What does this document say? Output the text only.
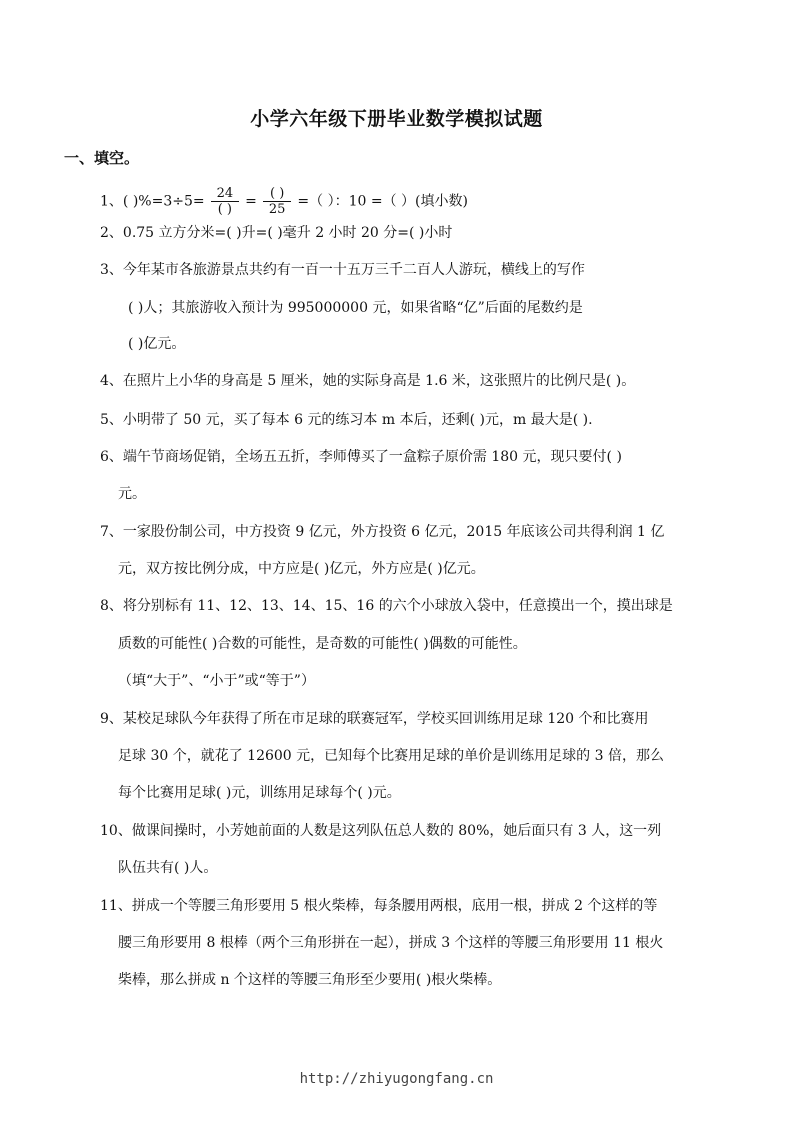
小学六年级下册毕业数学模拟试题
一、填空。
1、( )$\%=3\div 5= \frac{24}{( )} = \frac{( )}{25}$ =（ ）：10 =（ ）(填小数)
2、0.75 立方分米=( )升=( )毫升 2 小时 20 分=( )小时
3、今年某市各旅游景点共约有一百一十五万三千二百人人游玩，横线上的写作
( )人；其旅游收入预计为 995000000 元，如果省略“亿”后面的尾数约是
( )亿元。
4、在照片上小华的身高是 5 厘米，她的实际身高是 1.6 米，这张照片的比例尺是( )。
5、小明带了 50 元，买了每本 6 元的练习本 m 本后，还剩( )元，m 最大是( ).
6、端午节商场促销，全场五五折，李师傅买了一盒粽子原价需 180 元，现只要付( )
元。
7、一家股份制公司，中方投资 9 亿元，外方投资 6 亿元，2015 年底该公司共得利润 1 亿
元，双方按比例分成，中方应是( )亿元，外方应是( )亿元。
8、将分别标有 11、12、13、14、15、16 的六个小球放入袋中，任意摸出一个，摸出球是
质数的可能性( )合数的可能性，是奇数的可能性( )偶数的可能性。
（填“大于”、“小于”或“等于”）
9、某校足球队今年获得了所在市足球的联赛冠军，学校买回训练用足球 120 个和比赛用
足球 30 个，就花了 12600 元，已知每个比赛用足球的单价是训练用足球的 3 倍，那么
每个比赛用足球( )元，训练用足球每个( )元。
10、做课间操时，小芳她前面的人数是这列队伍总人数的 80%，她后面只有 3 人，这一列
队伍共有( )人。
11、拼成一个等腰三角形要用 5 根火柴棒，每条腰用两根，底用一根，拼成 2 个这样的等
腰三角形要用 8 根棒（两个三角形拼在一起），拼成 3 个这样的等腰三角形要用 11 根火
柴棒，那么拼成 n 个这样的等腰三角形至少要用( )根火柴棒。
http://zhiyugongfang.cn
